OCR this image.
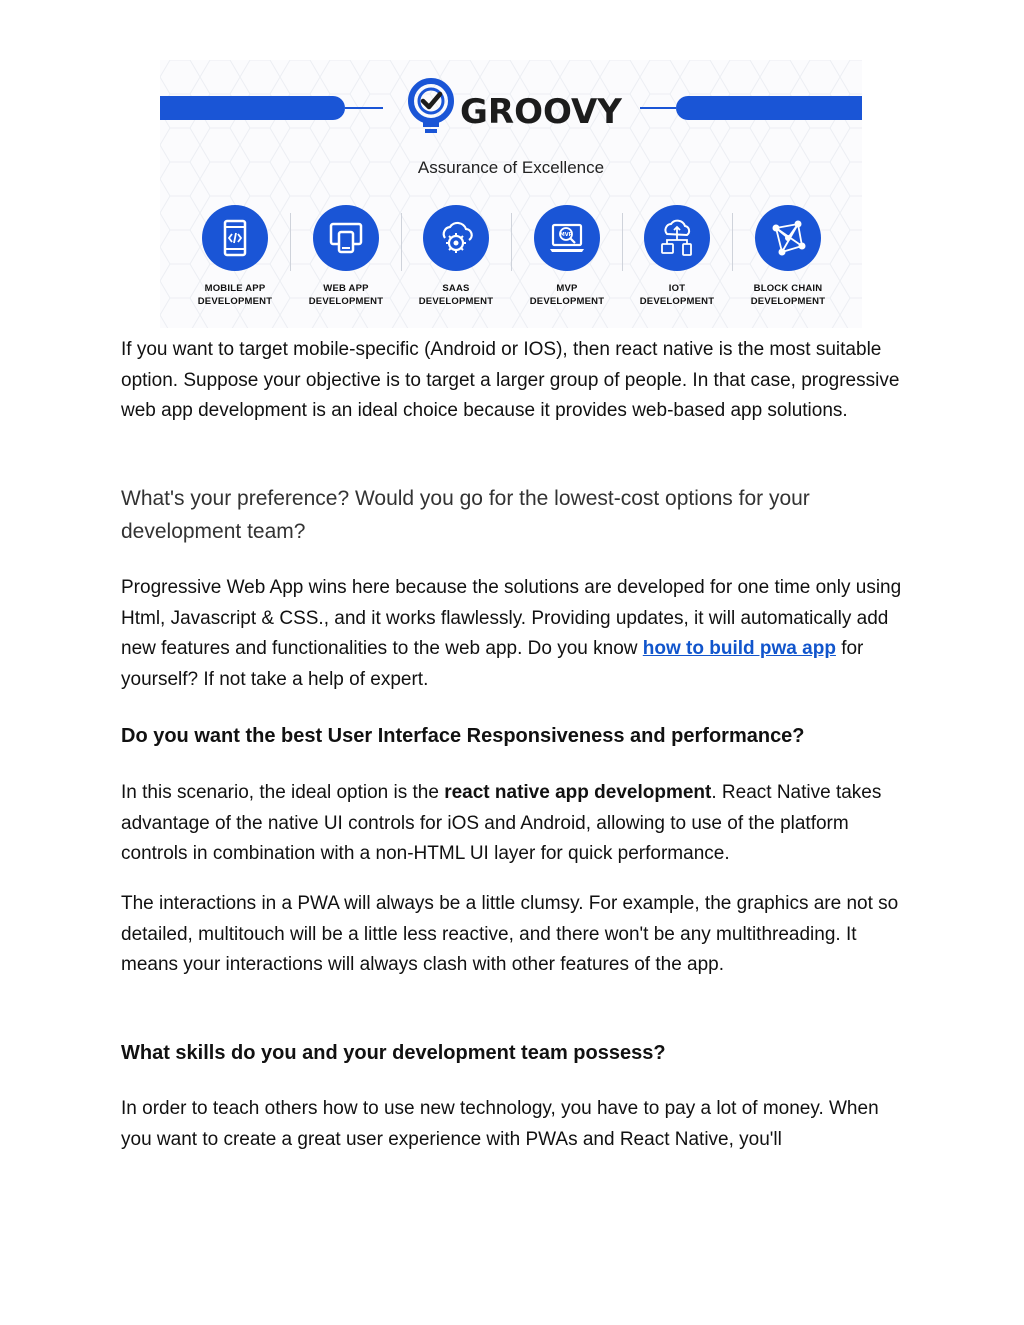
GROOVY
Assurance of Excellence
MOBILE APP
DEVELOPMENT
WEB APP
DEVELOPMENT
SAAS
DEVELOPMENT
MVP
MVP
DEVELOPMENT
IOT
DEVELOPMENT
BLOCK CHAIN
DEVELOPMENT

If you want to target mobile-specific (Android or IOS), then react native is the most suitable option. Suppose your objective is to target a larger group of people. In that case, progressive web app development is an ideal choice because it provides web-based app solutions.

What's your preference? Would you go for the lowest-cost options for your development team?

Progressive Web App wins here because the solutions are developed for one time only using Html, Javascript & CSS., and it works flawlessly. Providing updates, it will automatically add new features and functionalities to the web app. Do you know how to build pwa app for yourself? If not take a help of expert.

Do you want the best User Interface Responsiveness and performance?

In this scenario, the ideal option is the react native app development. React Native takes advantage of the native UI controls for iOS and Android, allowing to use of the platform controls in combination with a non-HTML UI layer for quick performance.

The interactions in a PWA will always be a little clumsy. For example, the graphics are not so detailed, multitouch will be a little less reactive, and there won't be any multithreading. It means your interactions will always clash with other features of the app.

What skills do you and your development team possess?

In order to teach others how to use new technology, you have to pay a lot of money. When you want to create a great user experience with PWAs and React Native, you'll
